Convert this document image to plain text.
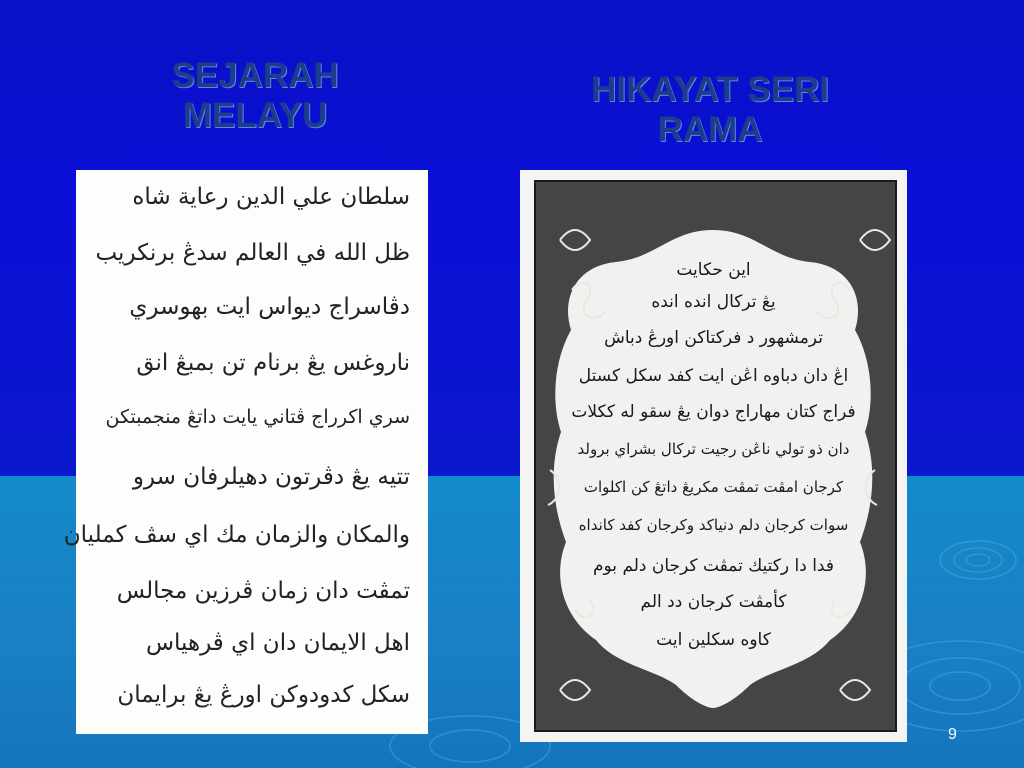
SEJARAH
MELAYU
HIKAYAT SERI
RAMA
سلطان علي الدين رعاية شاه
ظل الله في العالم سدڠ برنكريب
دڤاسراج ديواس ايت بهوسري
ناروغس يڠ برنام تن بمبڠ انق
سري اكرراج ڤتاني يايت داتڠ منجمبتكن
تتيه يڠ دڤرتون دهيلرفان سرو
والمكان والزمان مك اي سڤ كمليان
تمڤت دان زمان ڤرزين مجالس
اهل الايمان دان اي ڤرهياس
سكل كدودوكن اورڠ يڠ برايمان
اين حكايت
يڠ ترکال انده انده
ترمشهور د فركتاكن اورڠ دباش
اڠ دان دباوه اڠن ايت كفد سكل كستل
فراج كتان مهاراج دوان يڠ سقو له ككلات
دان ذو تولي ناڠن رجيت ترکال بشراي برولد
كرجان امڤت تمڤت مكريڠ داتڠ كن اکلوات
سوات كرجان دلم دنياكد وكرجان كفد كانداه
فدا دا ركتيك تمڤت كرجان دلم بوم
كأمڤت كرجان دد الم
كاوه سكلين ايت
9
